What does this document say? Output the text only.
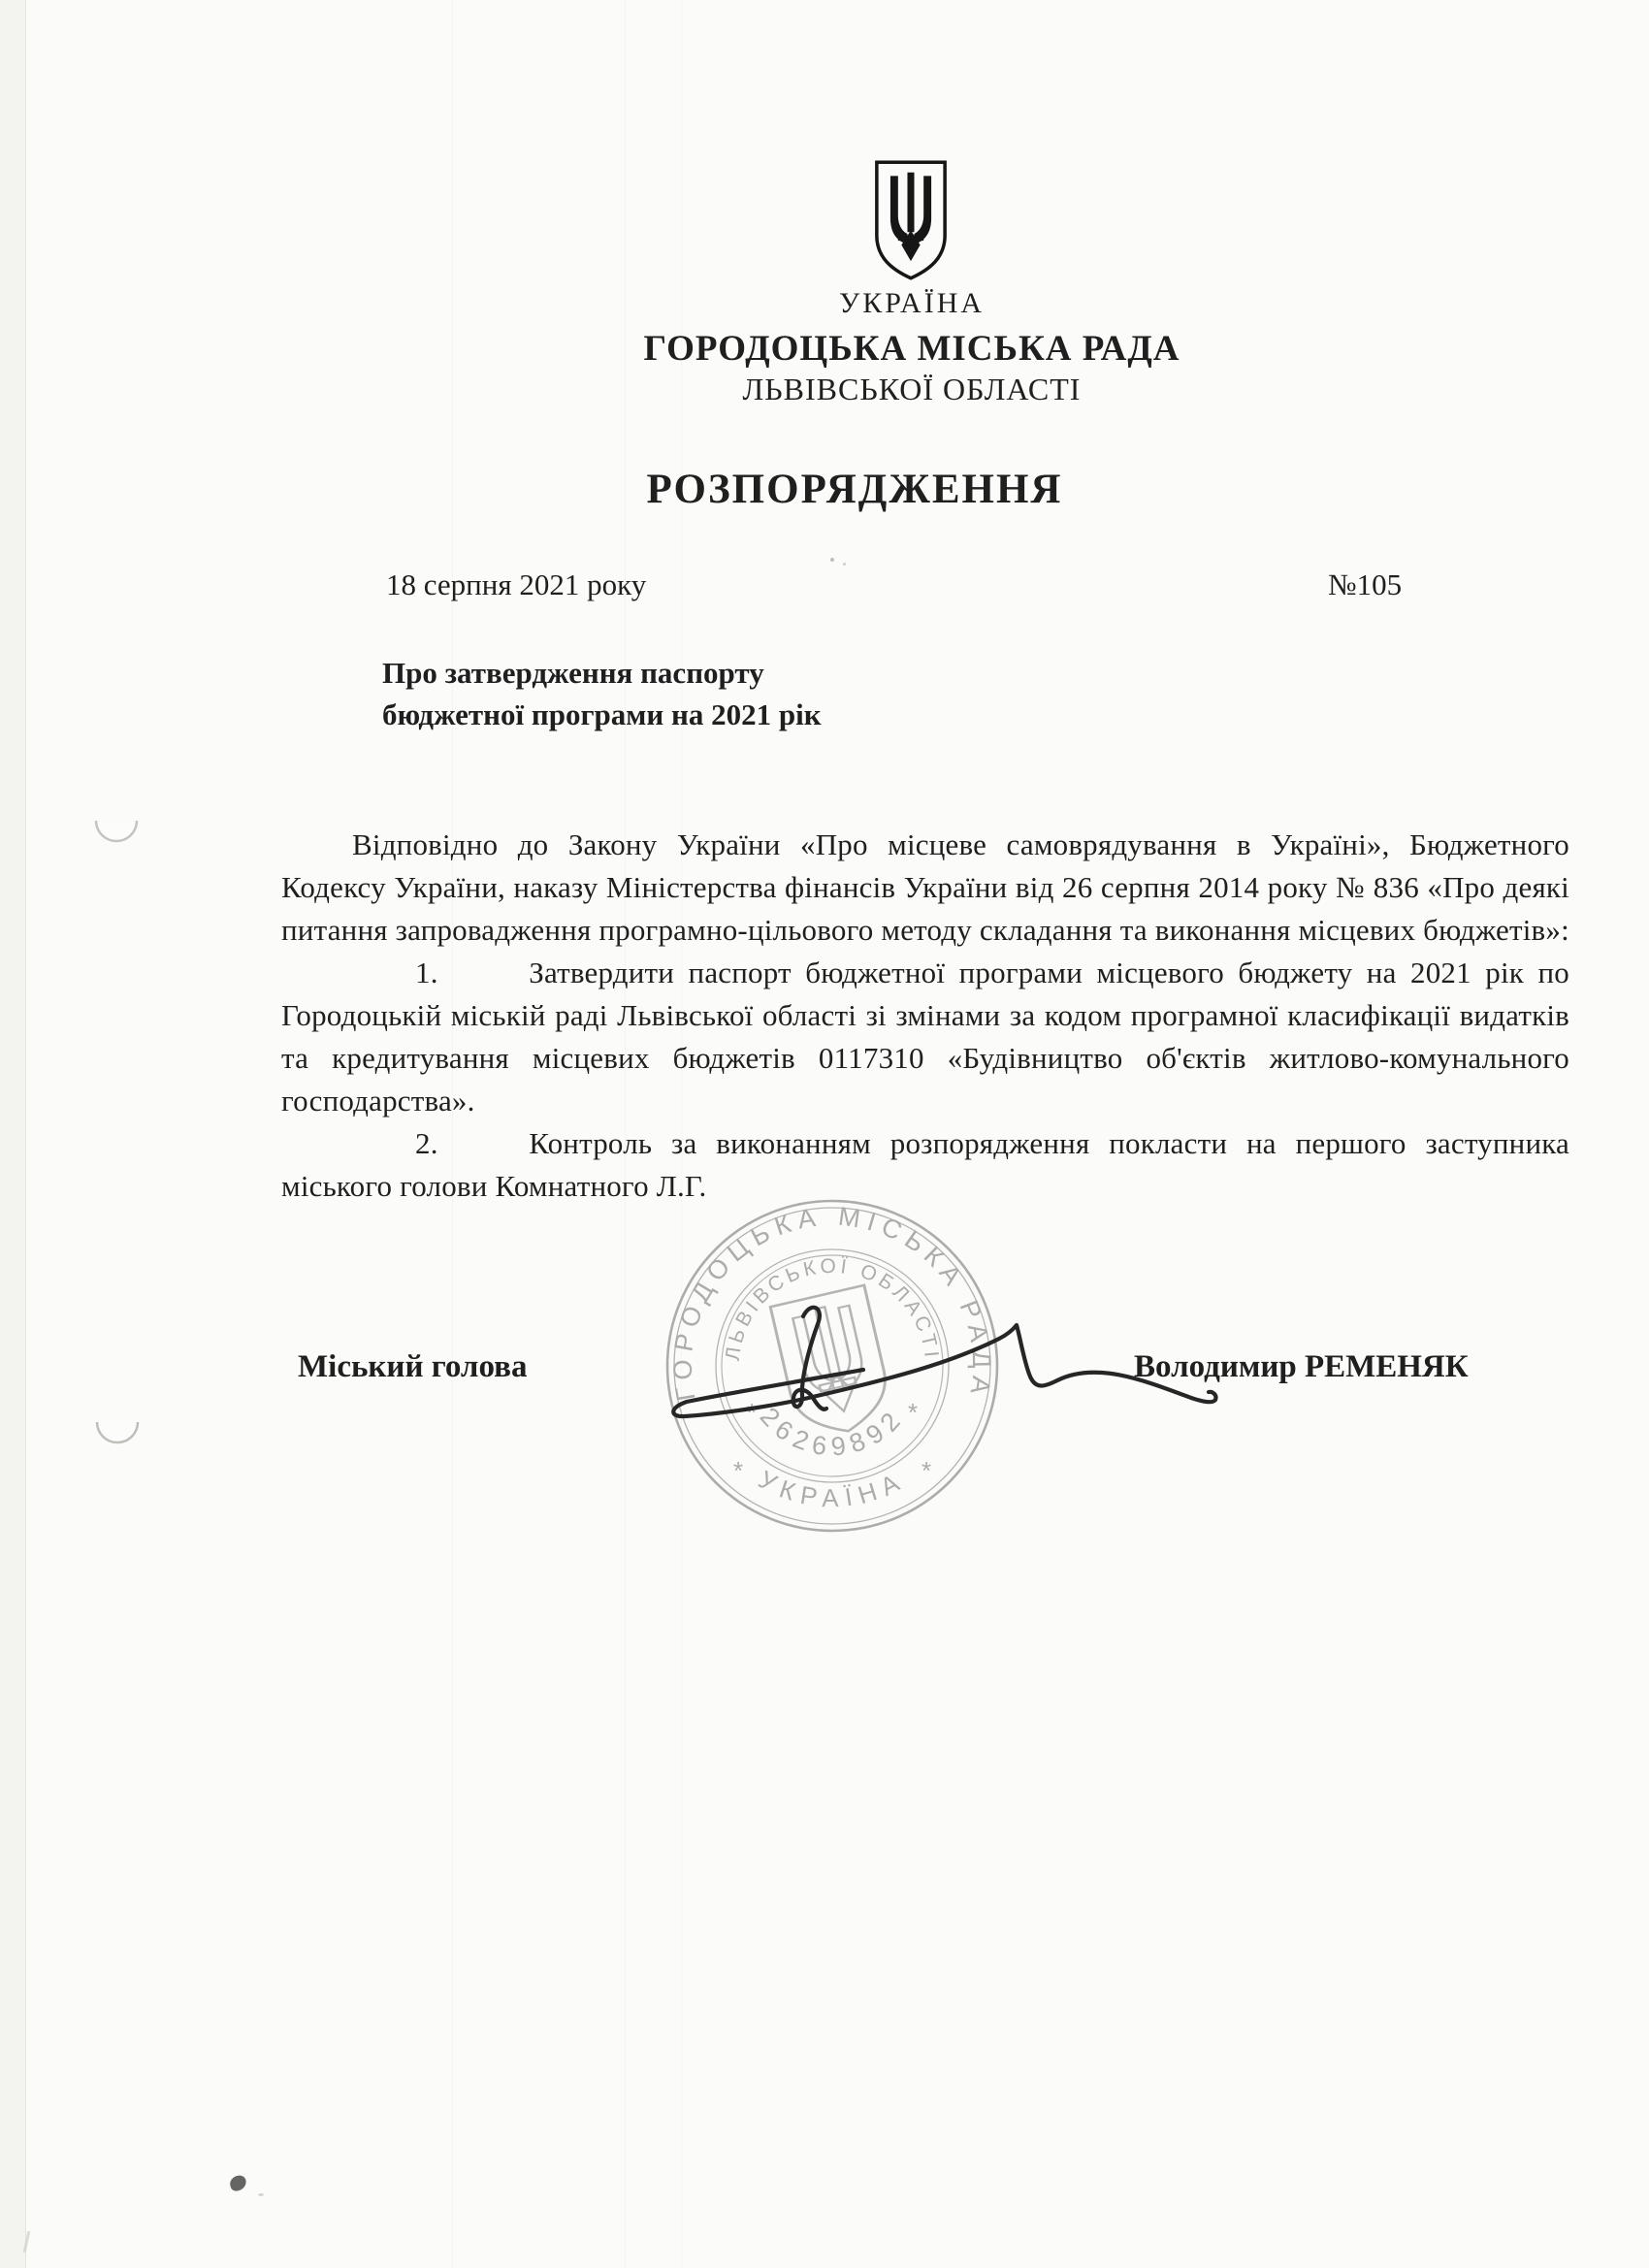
УКРАЇНА
ГОРОДОЦЬКА МІСЬКА РАДА
ЛЬВІВСЬКОЇ ОБЛАСТІ
РОЗПОРЯДЖЕННЯ
18 серпня 2021 року	№105
Про затвердження паспорту
бюджетної програми на 2021 рік

Відповідно до Закону України «Про місцеве самоврядування в Україні», Бюджетного Кодексу України, наказу Міністерства фінансів України від 26 серпня 2014 року № 836 «Про деякі питання запровадження програмно-цільового методу складання та виконання місцевих бюджетів»:

1.   Затвердити паспорт бюджетної програми місцевого бюджету на 2021 рік по Городоцькій міській раді Львівської області зі змінами за кодом програмної класифікації видатків та кредитування місцевих бюджетів 0117310 «Будівництво об'єктів житлово-комунального господарства».

2.   Контроль за виконанням розпорядження покласти на першого заступника міського голови Комнатного Л.Г.

ГОРОДОЦЬКА МІСЬКА РАДА
УКРАЇНА
ЛЬВІВСЬКОЇ ОБЛАСТІ
26269892
*	*
*	*
Міський голова	Володимир РЕМЕНЯК
